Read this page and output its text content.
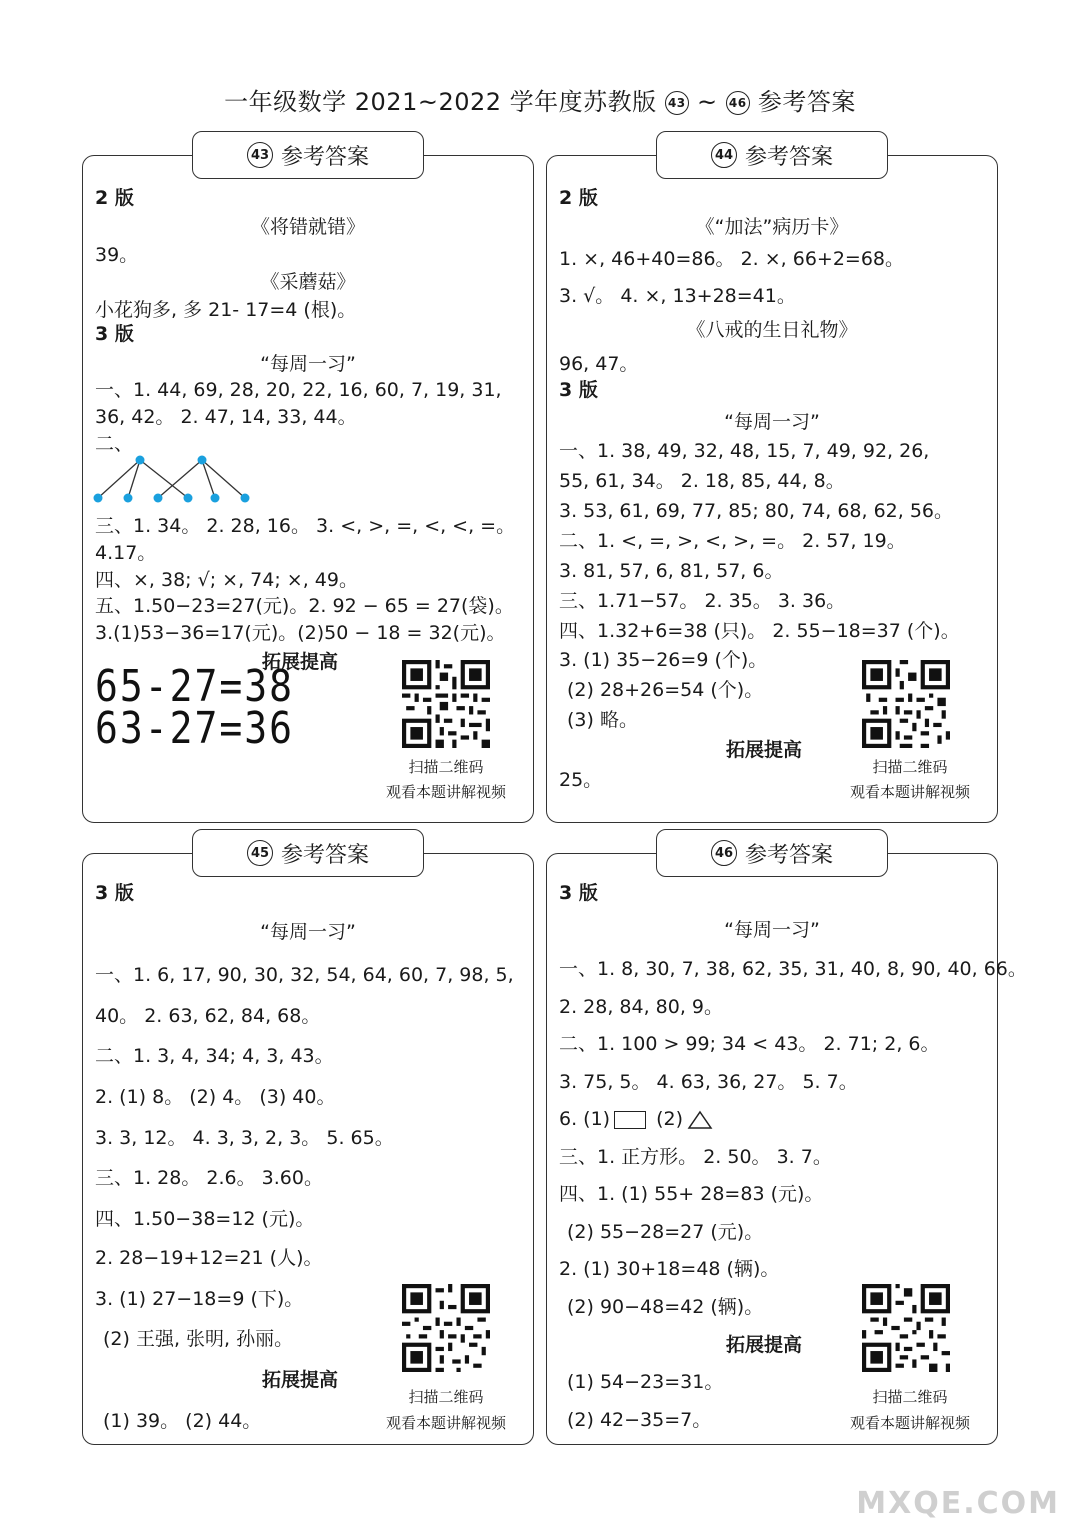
一年级数学 2021~2022 学年度苏教版 43 ~ 46 参考答案
43 参考答案
2 版
《将错就错》
39。
《采蘑菇》
小花狗多, 多 21- 17=4 (根)。
3 版
“每周一习”
一、1. 44, 69, 28, 20, 22, 16, 60, 7, 19, 31,
36, 42。 2. 47, 14, 33, 44。
二、
三、1. 34。 2. 28, 16。 3. <, >, =, <, <, =。
4.17。
四、×, 38; √; ×, 74; ×, 49。
五、1.50−23=27(元)。2. 92 − 65 = 27(袋)。
3.(1)53−36=17(元)。(2)50 − 18 = 32(元)。
拓展提高
65-27=38
63-27=36
扫描二维码
观看本题讲解视频
44 参考答案
2 版
《“加法”病历卡》
1. ×, 46+40=86。 2. ×, 66+2=68。
3. √。 4. ×, 13+28=41。
《八戒的生日礼物》
96, 47。
3 版
“每周一习”
一、1. 38, 49, 32, 48, 15, 7, 49, 92, 26,
55, 61, 34。 2. 18, 85, 44, 8。
3. 53, 61, 69, 77, 85; 80, 74, 68, 62, 56。
二、1. <, =, >, <, >, =。 2. 57, 19。
3. 81, 57, 6, 81, 57, 6。
三、1.71−57。 2. 35。 3. 36。
四、1.32+6=38 (只)。 2. 55−18=37 (个)。
3. (1) 35−26=9 (个)。
(2) 28+26=54 (个)。
(3) 略。
拓展提高
25。
扫描二维码
观看本题讲解视频
45 参考答案
3 版
“每周一习”
一、1. 6, 17, 90, 30, 32, 54, 64, 60, 7, 98, 5,
40。 2. 63, 62, 84, 68。
二、1. 3, 4, 34; 4, 3, 43。
2. (1) 8。 (2) 4。 (3) 40。
3. 3, 12。 4. 3, 3, 2, 3。 5. 65。
三、1. 28。 2.6。 3.60。
四、1.50−38=12 (元)。
2. 28−19+12=21 (人)。
3. (1) 27−18=9 (下)。
(2) 王强, 张明, 孙丽。
拓展提高
(1) 39。 (2) 44。
扫描二维码
观看本题讲解视频
46 参考答案
3 版
“每周一习”
一、1. 8, 30, 7, 38, 62, 35, 31, 40, 8, 90, 40, 66。
2. 28, 84, 80, 9。
二、1. 100 > 99; 34 < 43。 2. 71; 2, 6。
3. 75, 5。 4. 63, 36, 27。 5. 7。
6. (1) (2)
三、1. 正方形。 2. 50。 3. 7。
四、1. (1) 55+ 28=83 (元)。
(2) 55−28=27 (元)。
2. (1) 30+18=48 (辆)。
(2) 90−48=42 (辆)。
拓展提高
(1) 54−23=31。
(2) 42−35=7。
扫描二维码
观看本题讲解视频
MXQE.COM
